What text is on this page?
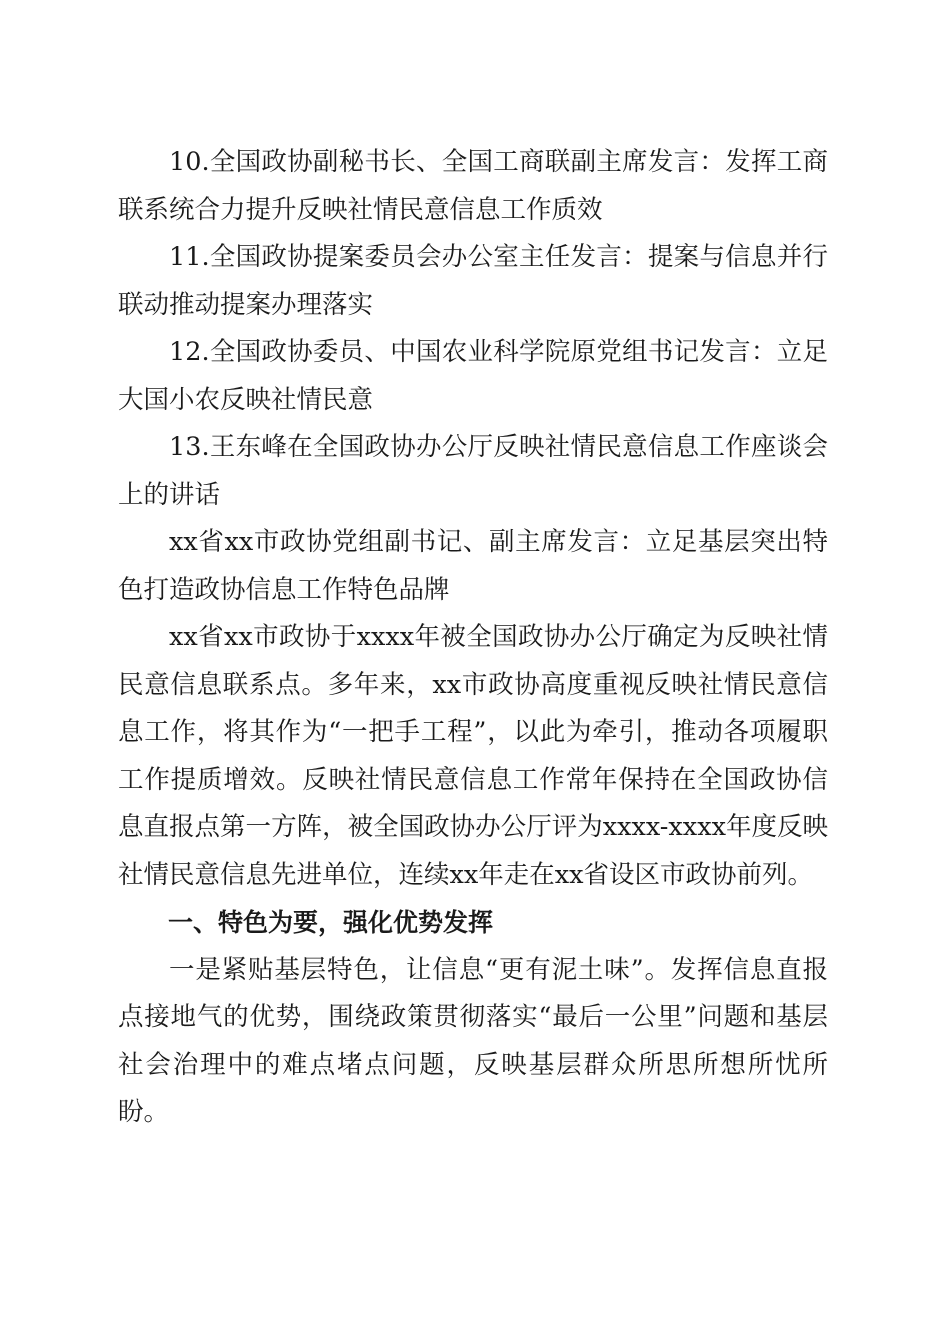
10.全国政协副秘书长、全国工商联副主席发言：发挥工商联系统合力提升反映社情民意信息工作质效

11.全国政协提案委员会办公室主任发言：提案与信息并行联动推动提案办理落实

12.全国政协委员、中国农业科学院原党组书记发言：立足大国小农反映社情民意

13.王东峰在全国政协办公厅反映社情民意信息工作座谈会上的讲话

xx省xx市政协党组副书记、副主席发言：立足基层突出特色打造政协信息工作特色品牌

xx省xx市政协于xxxx年被全国政协办公厅确定为反映社情民意信息联系点。多年来，xx市政协高度重视反映社情民意信息工作，将其作为“一把手工程”，以此为牵引，推动各项履职工作提质增效。反映社情民意信息工作常年保持在全国政协信息直报点第一方阵，被全国政协办公厅评为xxxx-xxxx年度反映社情民意信息先进单位，连续xx年走在xx省设区市政协前列。

一、特色为要，强化优势发挥

一是紧贴基层特色，让信息“更有泥土味”。发挥信息直报点接地气的优势，围绕政策贯彻落实“最后一公里”问题和基层社会治理中的难点堵点问题，反映基层群众所思所想所忧所盼。
